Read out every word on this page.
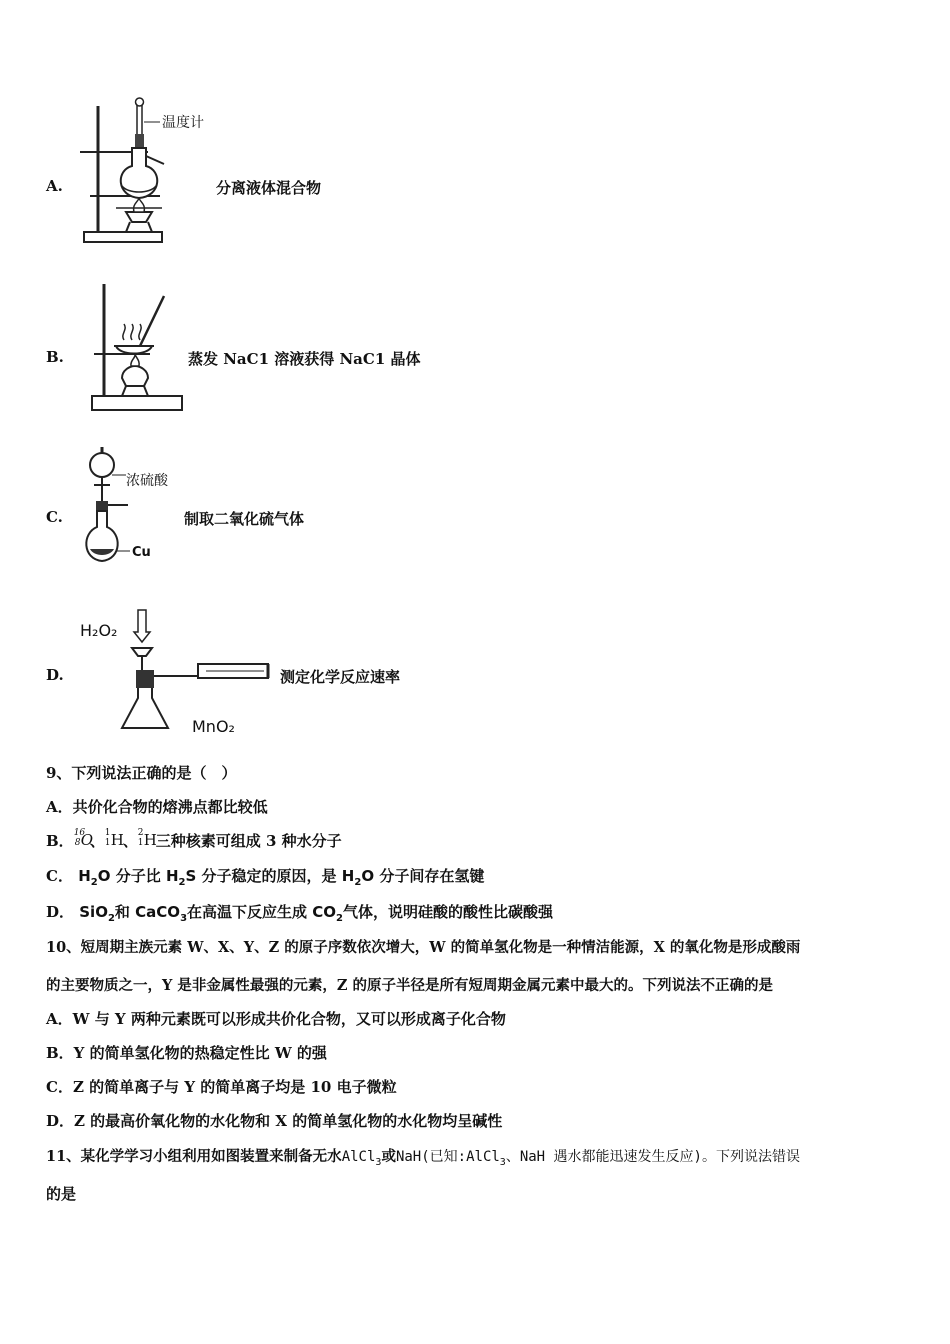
A.
温度计
分离液体混合物
B.	蒸发 NaC1 溶液获得 NaC1 晶体
C.
浓硫酸
Cu
制取二氧化硫气体
D.
H₂O₂
MnO₂
测定化学反应速率
9、下列说法正确的是（　）
A．共价化合物的熔沸点都比较低
B． 16
8 O
、 1
1 H
、 2
1 H
三种核素可组成 3 种水分子
C． $H_2O$ 分子比 $H_2S$ 分子稳定的原因，是 $H_2O$ 分子间存在氢键
D． SiO$_2$和 CaCO$_3$在高温下反应生成 $CO_2$气体，说明硅酸的酸性比碳酸强
10、短周期主族元素 W、X、Y、Z 的原子序数依次增大，W 的简单氢化物是一种情洁能源，X 的氧化物是形成酸雨
的主要物质之一，Y 是非金属性最强的元素，Z 的原子半径是所有短周期金属元素中最大的。下列说法不正确的是
A．W 与 Y 两种元素既可以形成共价化合物，又可以形成离子化合物
B．Y 的简单氢化物的热稳定性比 W 的强
C．Z 的简单离子与 Y 的简单离子均是 10 电子微粒
D．Z 的最高价氧化物的水化物和 X 的简单氢化物的水化物均呈碱性
11、某化学学习小组利用如图装置来制备无水AlCl$_3$或NaH(已知:AlCl$_3$、NaH 遇水都能迅速发生反应)。下列说法错误
的是
